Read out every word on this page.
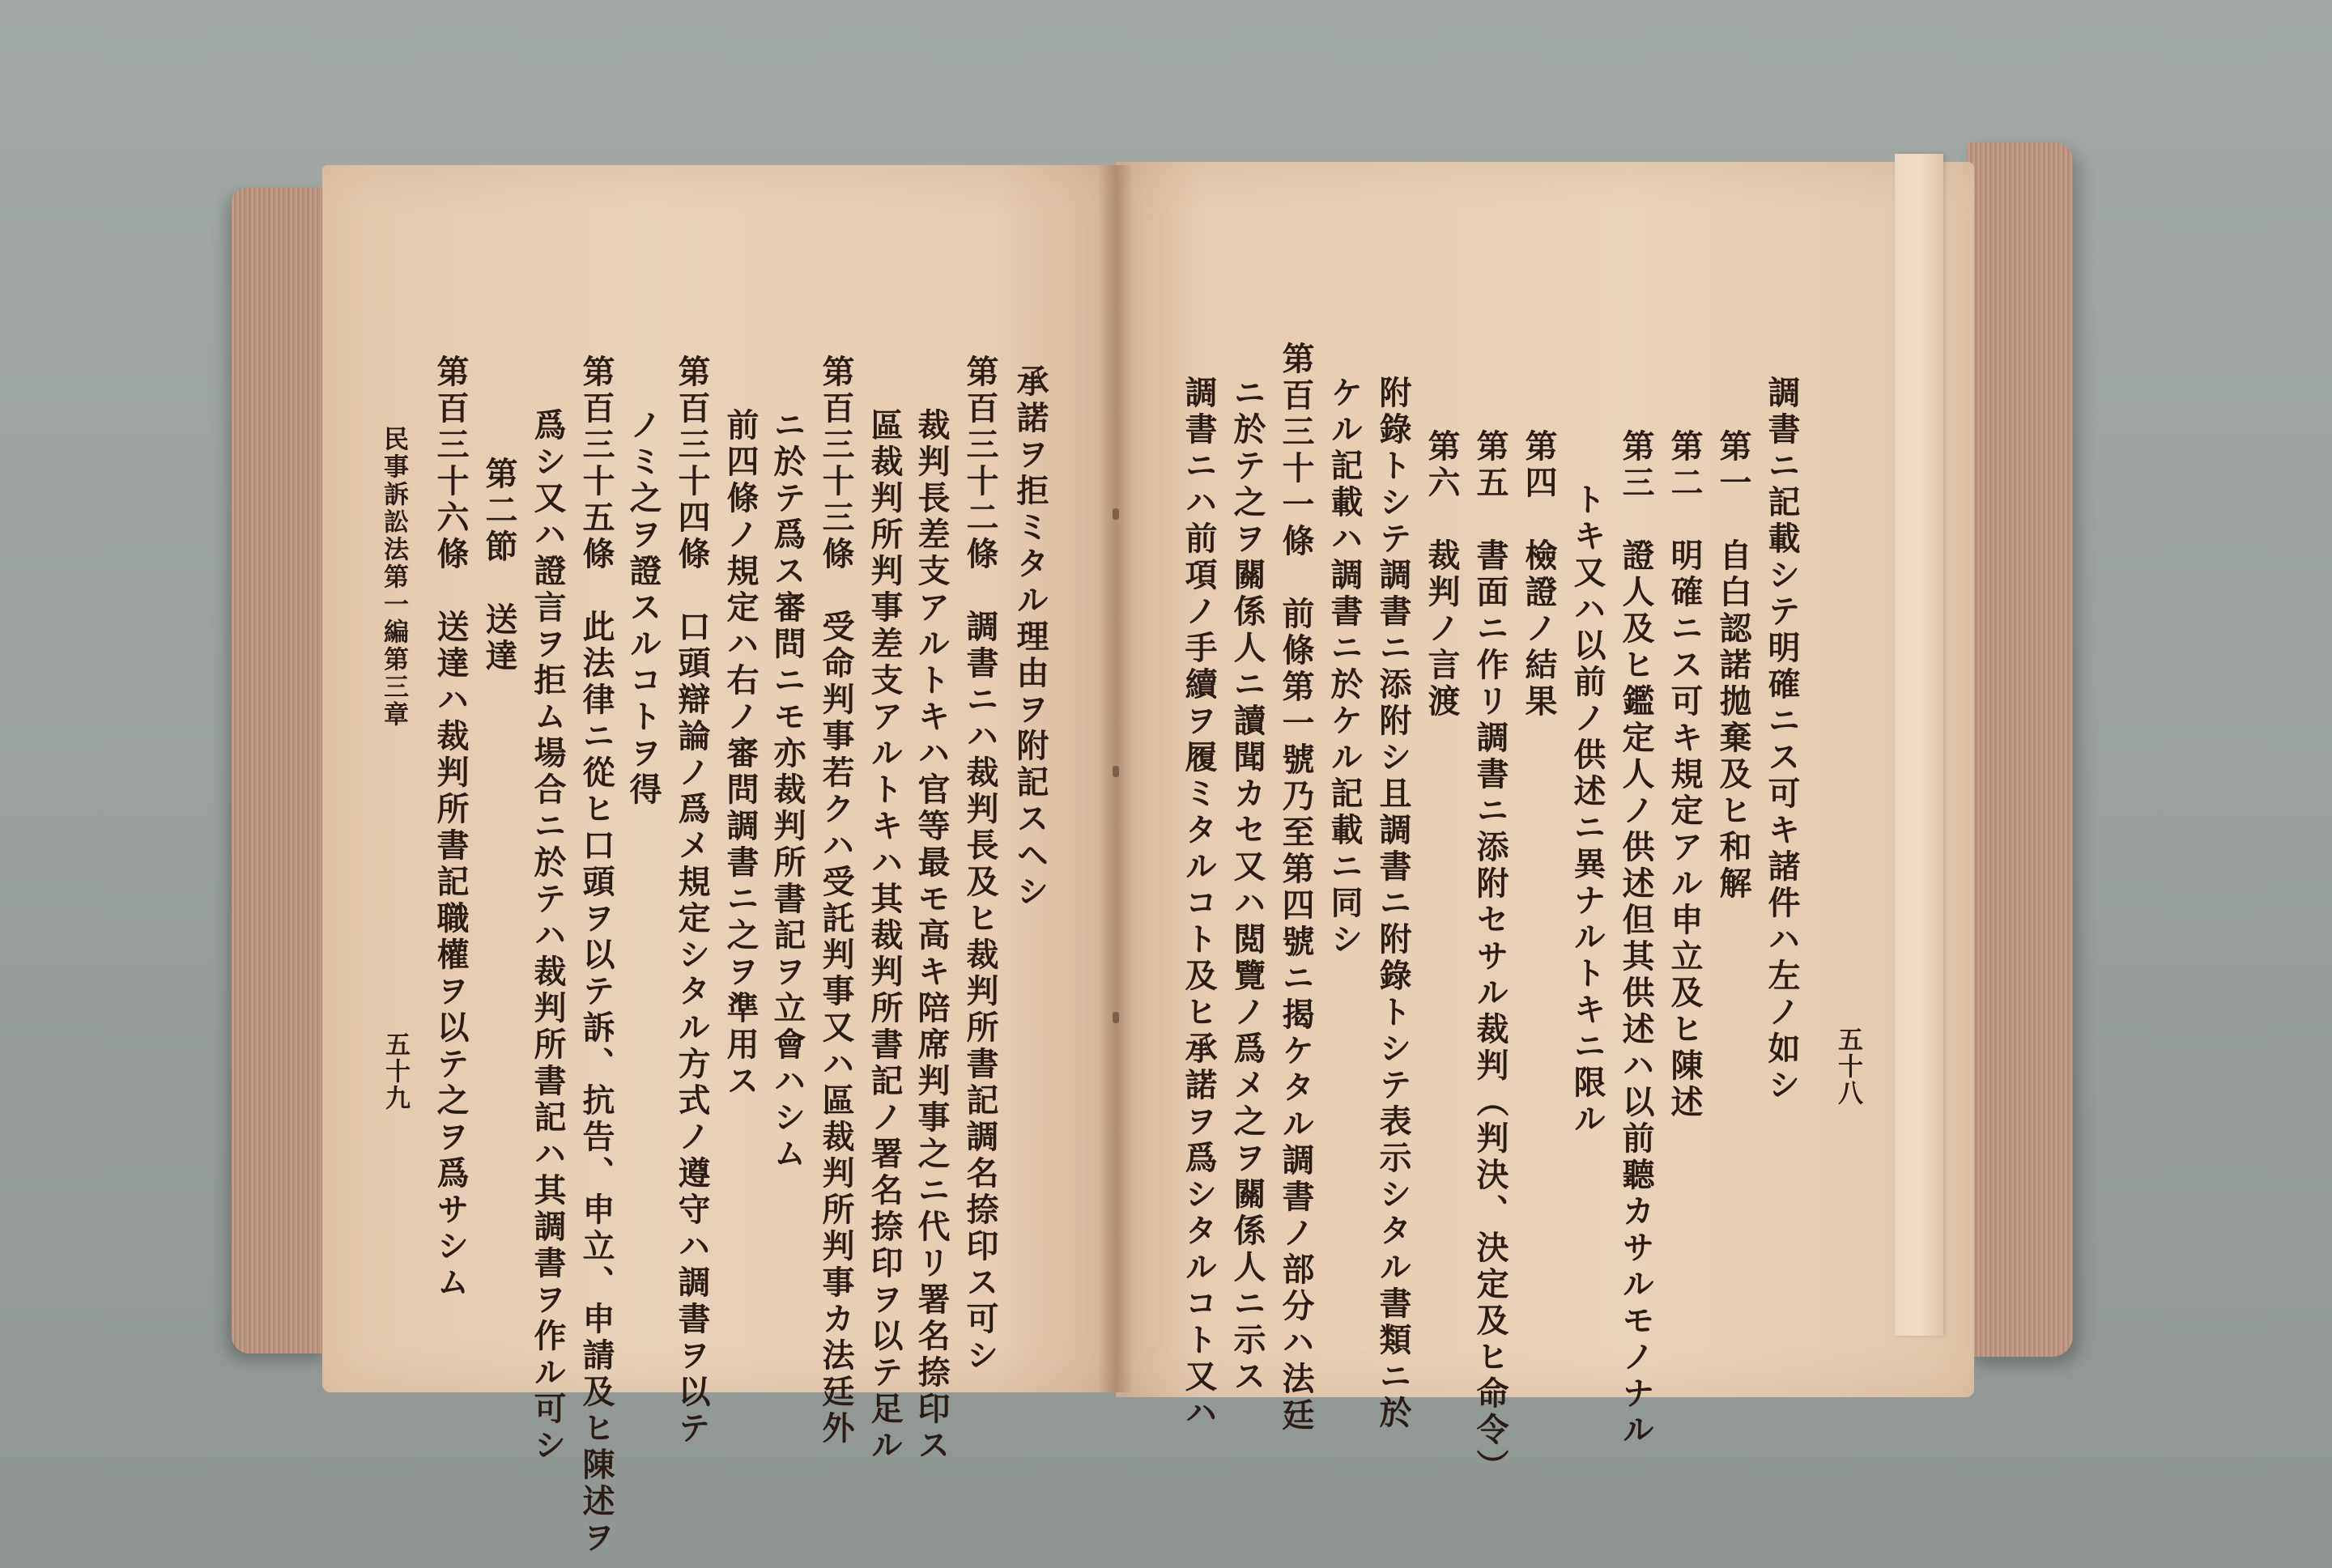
承諾ヲ拒ミタル理由ヲ附記スヘシ
第百三十二條　調書ニハ裁判長及ヒ裁判所書記調名捺印ス可シ
裁判長差支アルトキハ官等最モ高キ陪席判事之ニ代リ署名捺印ス
區裁判所判事差支アルトキハ其裁判所書記ノ署名捺印ヲ以テ足ル
第百三十三條　受命判事若クハ受託判事又ハ區裁判所判事カ法廷外
ニ於テ爲ス審問ニモ亦裁判所書記ヲ立會ハシム
前四條ノ規定ハ右ノ審問調書ニ之ヲ準用ス
第百三十四條　口頭辯論ノ爲メ規定シタル方式ノ遵守ハ調書ヲ以テ
ノミ之ヲ證スルコトヲ得
第百三十五條　此法律ニ從ヒ口頭ヲ以テ訴、抗告、申立、申請及ヒ陳述ヲ
爲シ又ハ證言ヲ拒ム場合ニ於テハ裁判所書記ハ其調書ヲ作ル可シ
第二節　送達
第百三十六條　送達ハ裁判所書記職權ヲ以テ之ヲ爲サシム
民事訴訟法第一編第三章
五十九	五十八
調書ニ記載シテ明確ニス可キ諸件ハ左ノ如シ
第一　自白認諾拋棄及ヒ和解
第二　明確ニス可キ規定アル申立及ヒ陳述
第三　證人及ヒ鑑定人ノ供述但其供述ハ以前聽カサルモノナル
トキ又ハ以前ノ供述ニ異ナルトキニ限ル
第四　檢證ノ結果
第五　書面ニ作リ調書ニ添附セサル裁判（判決、決定及ヒ命令）
第六　裁判ノ言渡
附錄トシテ調書ニ添附シ且調書ニ附錄トシテ表示シタル書類ニ於
ケル記載ハ調書ニ於ケル記載ニ同シ
第百三十一條　前條第一號乃至第四號ニ揭ケタル調書ノ部分ハ法廷
ニ於テ之ヲ關係人ニ讀聞カセ又ハ閲覽ノ爲メ之ヲ關係人ニ示ス
調書ニハ前項ノ手續ヲ履ミタルコト及ヒ承諾ヲ爲シタルコト又ハ
